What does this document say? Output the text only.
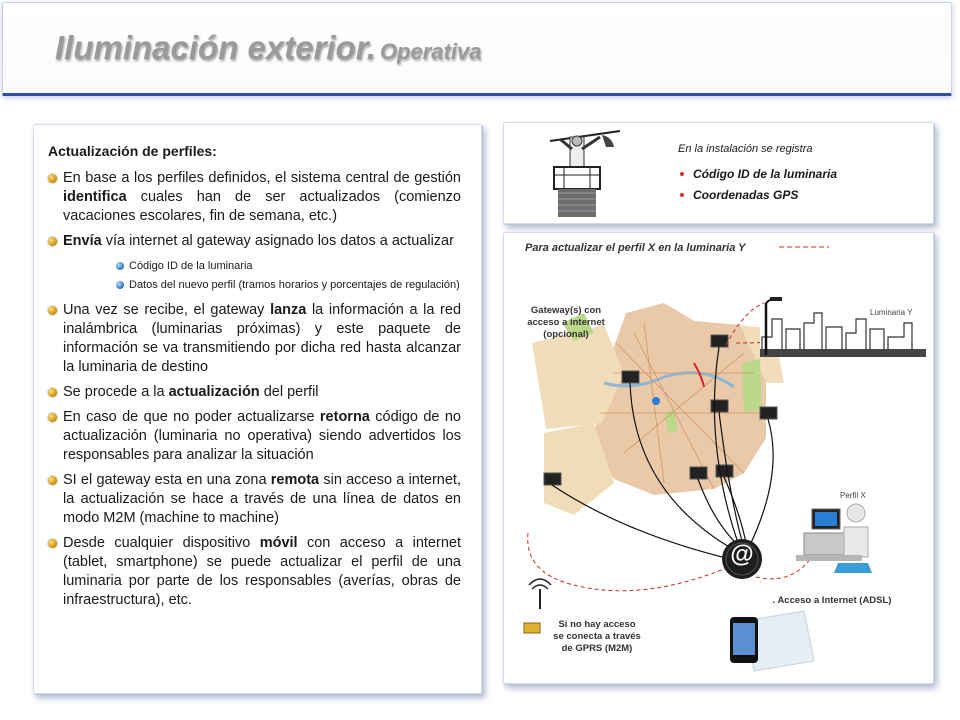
Iluminación exterior. Operativa

Actualización de perfiles:

En base a los perfiles definidos, el sistema central de gestión identifica cuales han de ser actualizados (comienzo vacaciones escolares, fin de semana, etc.)
Envía vía internet al gateway asignado los datos a actualizar
Código ID de la luminaria
Datos del nuevo perfil (tramos horarios y porcentajes de regulación)
Una vez se recibe, el gateway lanza la información a la red inalámbrica (luminarias próximas) y este paquete de información se va transmitiendo por dicha red hasta alcanzar la luminaria de destino
Se procede a la actualización del perfil
En caso de que no poder actualizarse retorna código de no actualización (luminaria no operativa) siendo advertidos los responsables para analizar la situación
SI el gateway esta en una zona remota sin acceso a internet, la actualización se hace a través de una línea de datos en modo M2M (machine to machine)
Desde cualquier dispositivo móvil con acceso a internet (tablet, smartphone) se puede actualizar el perfil de una luminaria por parte de los responsables (averías, obras de infraestructura), etc.
En la instalación se registra
Código ID de la luminaria
Coordenadas GPS
Para actualizar el perfil X en la luminaria Y
Gateway(s) con acceso a internet (opcional)
Luminaria Y
Perfil X
. Acceso a Internet (ADSL)
Si no hay acceso se conecta a través de GPRS (M2M)
@
